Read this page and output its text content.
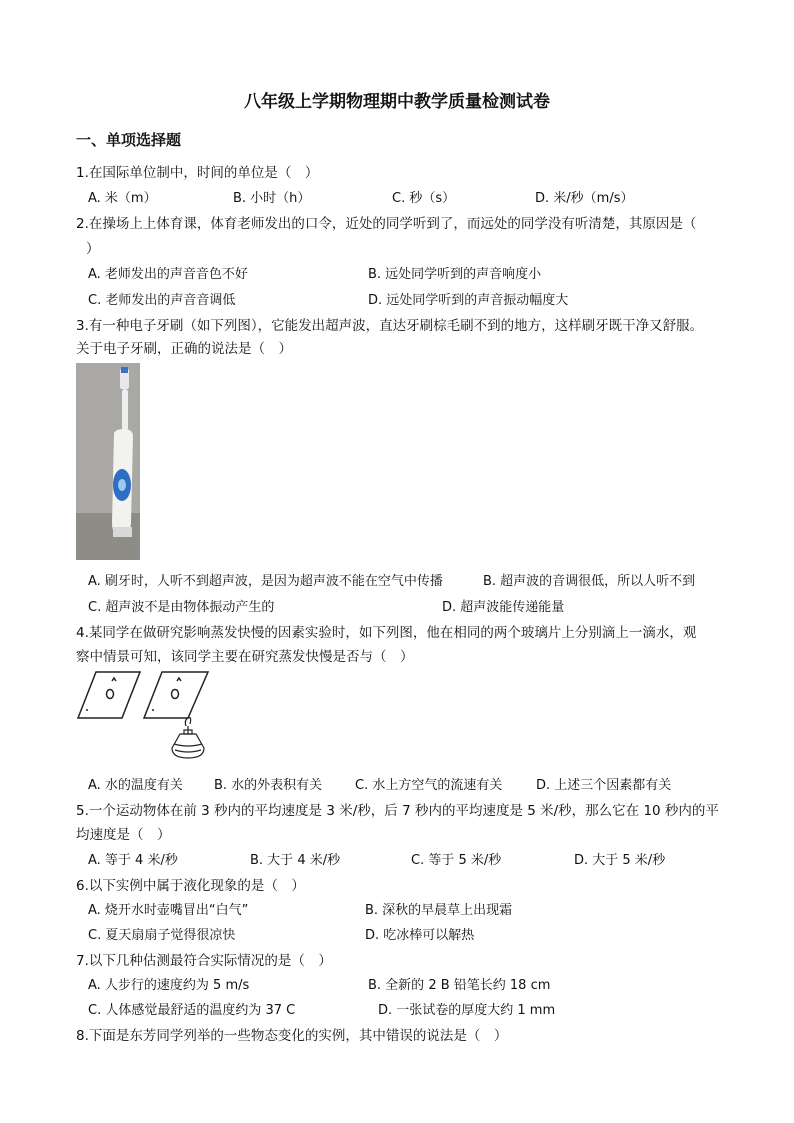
八年级上学期物理期中教学质量检测试卷
一、单项选择题
1.在国际单位制中，时间的单位是（　）
A. 米（m）	B. 小时（h）	C. 秒（s）	D. 米/秒（m/s）
2.在操场上上体育课，体育老师发出的口令，近处的同学听到了，而远处的同学没有听清楚，其原因是（
）
A. 老师发出的声音音色不好	B. 远处同学听到的声音响度小
C. 老师发出的声音音调低	D. 远处同学听到的声音振动幅度大
3.有一种电子牙刷（如下列图），它能发出超声波，直达牙刷棕毛刷不到的地方，这样刷牙既干净又舒服。
关于电子牙刷，正确的说法是（　）
A. 刷牙时，人听不到超声波，是因为超声波不能在空气中传播	B. 超声波的音调很低，所以人听不到
C. 超声波不是由物体振动产生的	D. 超声波能传递能量
4.某同学在做研究影响蒸发快慢的因素实验时，如下列图，他在相同的两个玻璃片上分别滴上一滴水，观
察中情景可知，该同学主要在研究蒸发快慢是否与（　）
A. 水的温度有关 B. 水的外表积有关	C. 水上方空气的流速有关	D. 上述三个因素都有关
5.一个运动物体在前 3 秒内的平均速度是 3 米/秒，后 7 秒内的平均速度是 5 米/秒，那么它在 10 秒内的平
均速度是（　）
A. 等于 4 米/秒	B. 大于 4 米/秒	C. 等于 5 米/秒	D. 大于 5 米/秒
6.以下实例中属于液化现象的是（　）
A. 烧开水时壶嘴冒出“白气”	B. 深秋的早晨草上出现霜
C. 夏天扇扇子觉得很凉快	D. 吃冰棒可以解热
7.以下几种估测最符合实际情况的是（　）
A. 人步行的速度约为 5 m/s	B. 全新的 2 B 铅笔长约 18 cm
C. 人体感觉最舒适的温度约为 37 C	D. 一张试卷的厚度大约 1 mm
8.下面是东芳同学列举的一些物态变化的实例，其中错误的说法是（　）
